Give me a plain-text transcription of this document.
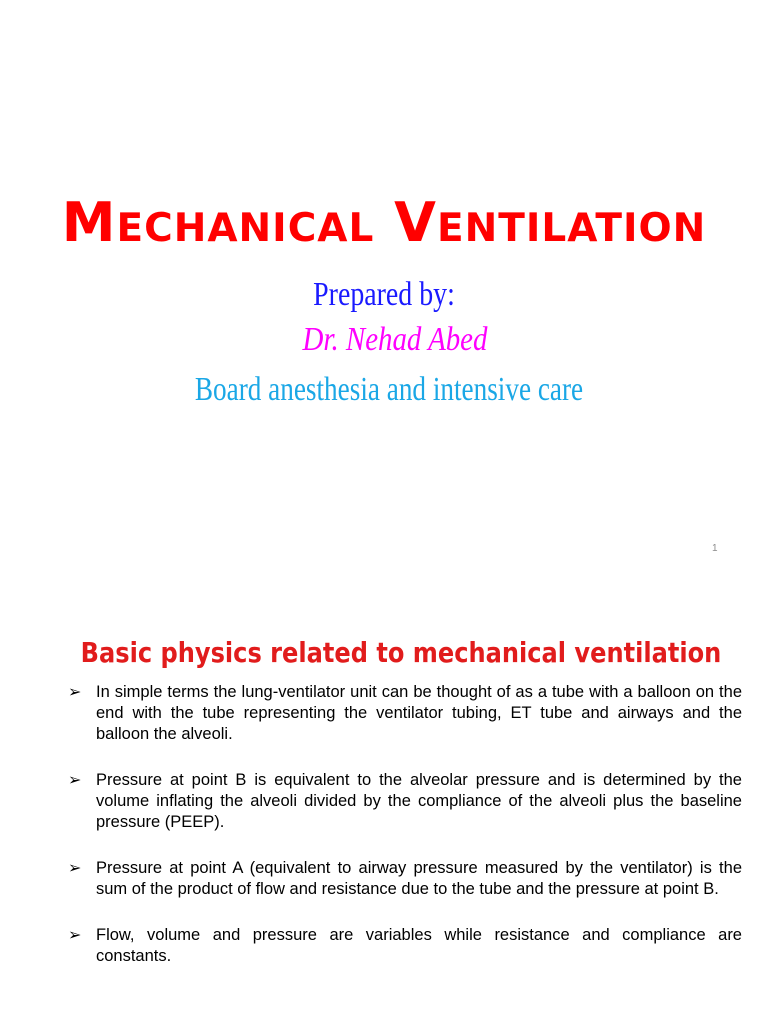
MECHANICAL VENTILATION
Prepared by:
Dr. Nehad Abed
Board anesthesia and intensive care
1
Basic physics related to mechanical ventilation
➢ In simple terms the lung-ventilator unit can be thought of as a tube with a balloon on the end with the tube representing the ventilator tubing, ET tube and airways and the balloon the alveoli.
➢ Pressure at point B is equivalent to the alveolar pressure and is determined by the volume inflating the alveoli divided by the compliance of the alveoli plus the baseline pressure (PEEP).
➢ Pressure at point A (equivalent to airway pressure measured by the ventilator) is the sum of the product of flow and resistance due to the tube and the pressure at point B.
➢ Flow, volume and pressure are variables while resistance and compliance are constants.
